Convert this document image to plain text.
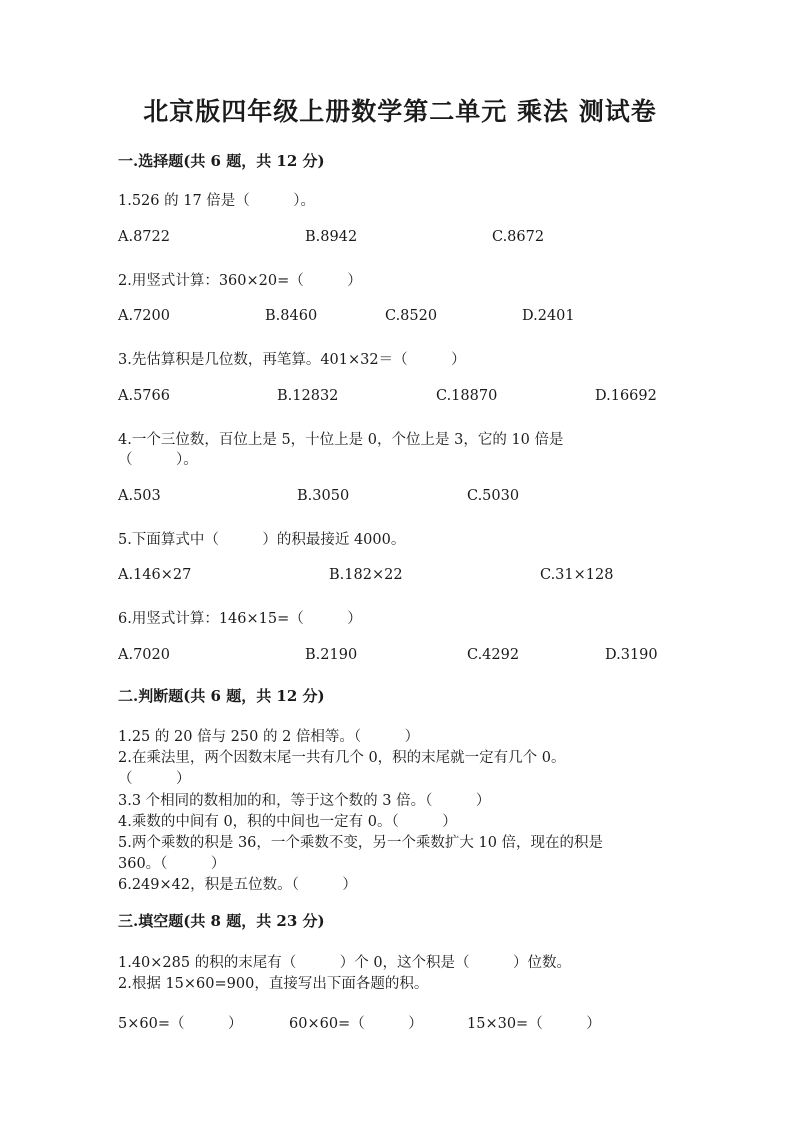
北京版四年级上册数学第二单元 乘法 测试卷
一.选择题(共 6 题，共 12 分)
1.526 的 17 倍是（　　　）。
A.8722	B.8942	C.8672
2.用竖式计算：360×20=（　　　）
A.7200	B.8460	C.8520	D.2401
3.先估算积是几位数，再笔算。401×32＝（　　　）
A.5766	B.12832	C.18870	D.16692
4.一个三位数，百位上是 5，十位上是 0，个位上是 3，它的 10 倍是
（　　　）。
A.503	B.3050	C.5030
5.下面算式中（　　　）的积最接近 4000。
A.146×27	B.182×22	C.31×128
6.用竖式计算：146×15=（　　　）
A.7020	B.2190	C.4292	D.3190
二.判断题(共 6 题，共 12 分)
1.25 的 20 倍与 250 的 2 倍相等。（　　　）
2.在乘法里，两个因数末尾一共有几个 0，积的末尾就一定有几个 0。
（　　　）
3.3 个相同的数相加的和，等于这个数的 3 倍。（　　　）
4.乘数的中间有 0，积的中间也一定有 0。（　　　）
5.两个乘数的积是 36，一个乘数不变，另一个乘数扩大 10 倍，现在的积是
360。（　　　）
6.249×42，积是五位数。（　　　）
三.填空题(共 8 题，共 23 分)
1.40×285 的积的末尾有（　　　）个 0，这个积是（　　　）位数。
2.根据 15×60=900，直接写出下面各题的积。
5×60=（　　　）	60×60=（　　　）	15×30=（　　　）
